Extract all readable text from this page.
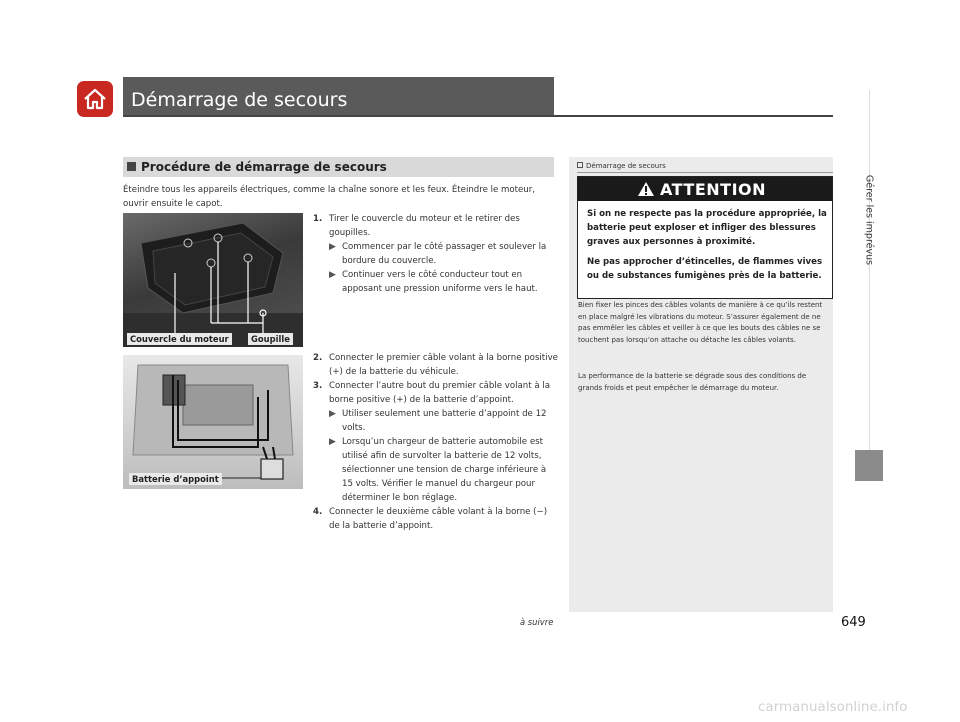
Démarrage de secours
Procédure de démarrage de secours
Éteindre tous les appareils électriques, comme la chaîne sonore et les feux. Éteindre le moteur, ouvrir ensuite le capot.
Couvercle du moteur	Goupille
Batterie d’appoint
1. Tirer le couvercle du moteur et le retirer des goupilles.
▶ Commencer par le côté passager et soulever la bordure du couvercle.
▶ Continuer vers le côté conducteur tout en apposant une pression uniforme vers le haut.
2. Connecter le premier câble volant à la borne positive (+) de la batterie du véhicule.
3. Connecter l’autre bout du premier câble volant à la borne positive (+) de la batterie d’appoint.
▶ Utiliser seulement une batterie d’appoint de 12 volts.
▶ Lorsqu’un chargeur de batterie automobile est utilisé afin de survolter la batterie de 12 volts, sélectionner une tension de charge inférieure à 15 volts. Vérifier le manuel du chargeur pour déterminer le bon réglage.
4. Connecter le deuxième câble volant à la borne (−) de la batterie d’appoint.
Démarrage de secours
ATTENTION

Si on ne respecte pas la procédure appropriée, la batterie peut exploser et infliger des blessures graves aux personnes à proximité.

Ne pas approcher d’étincelles, de flammes vives ou de substances fumigènes près de la batterie.

Bien fixer les pinces des câbles volants de manière à ce qu’ils restent en place malgré les vibrations du moteur. S’assurer également de ne pas emmêler les câbles et veiller à ce que les bouts des câbles ne se touchent pas lorsqu’on attache ou détache les câbles volants.
La performance de la batterie se dégrade sous des conditions de grands froids et peut empêcher le démarrage du moteur.
Gérer les imprévus
à suivre	649
carmanualsonline.info
